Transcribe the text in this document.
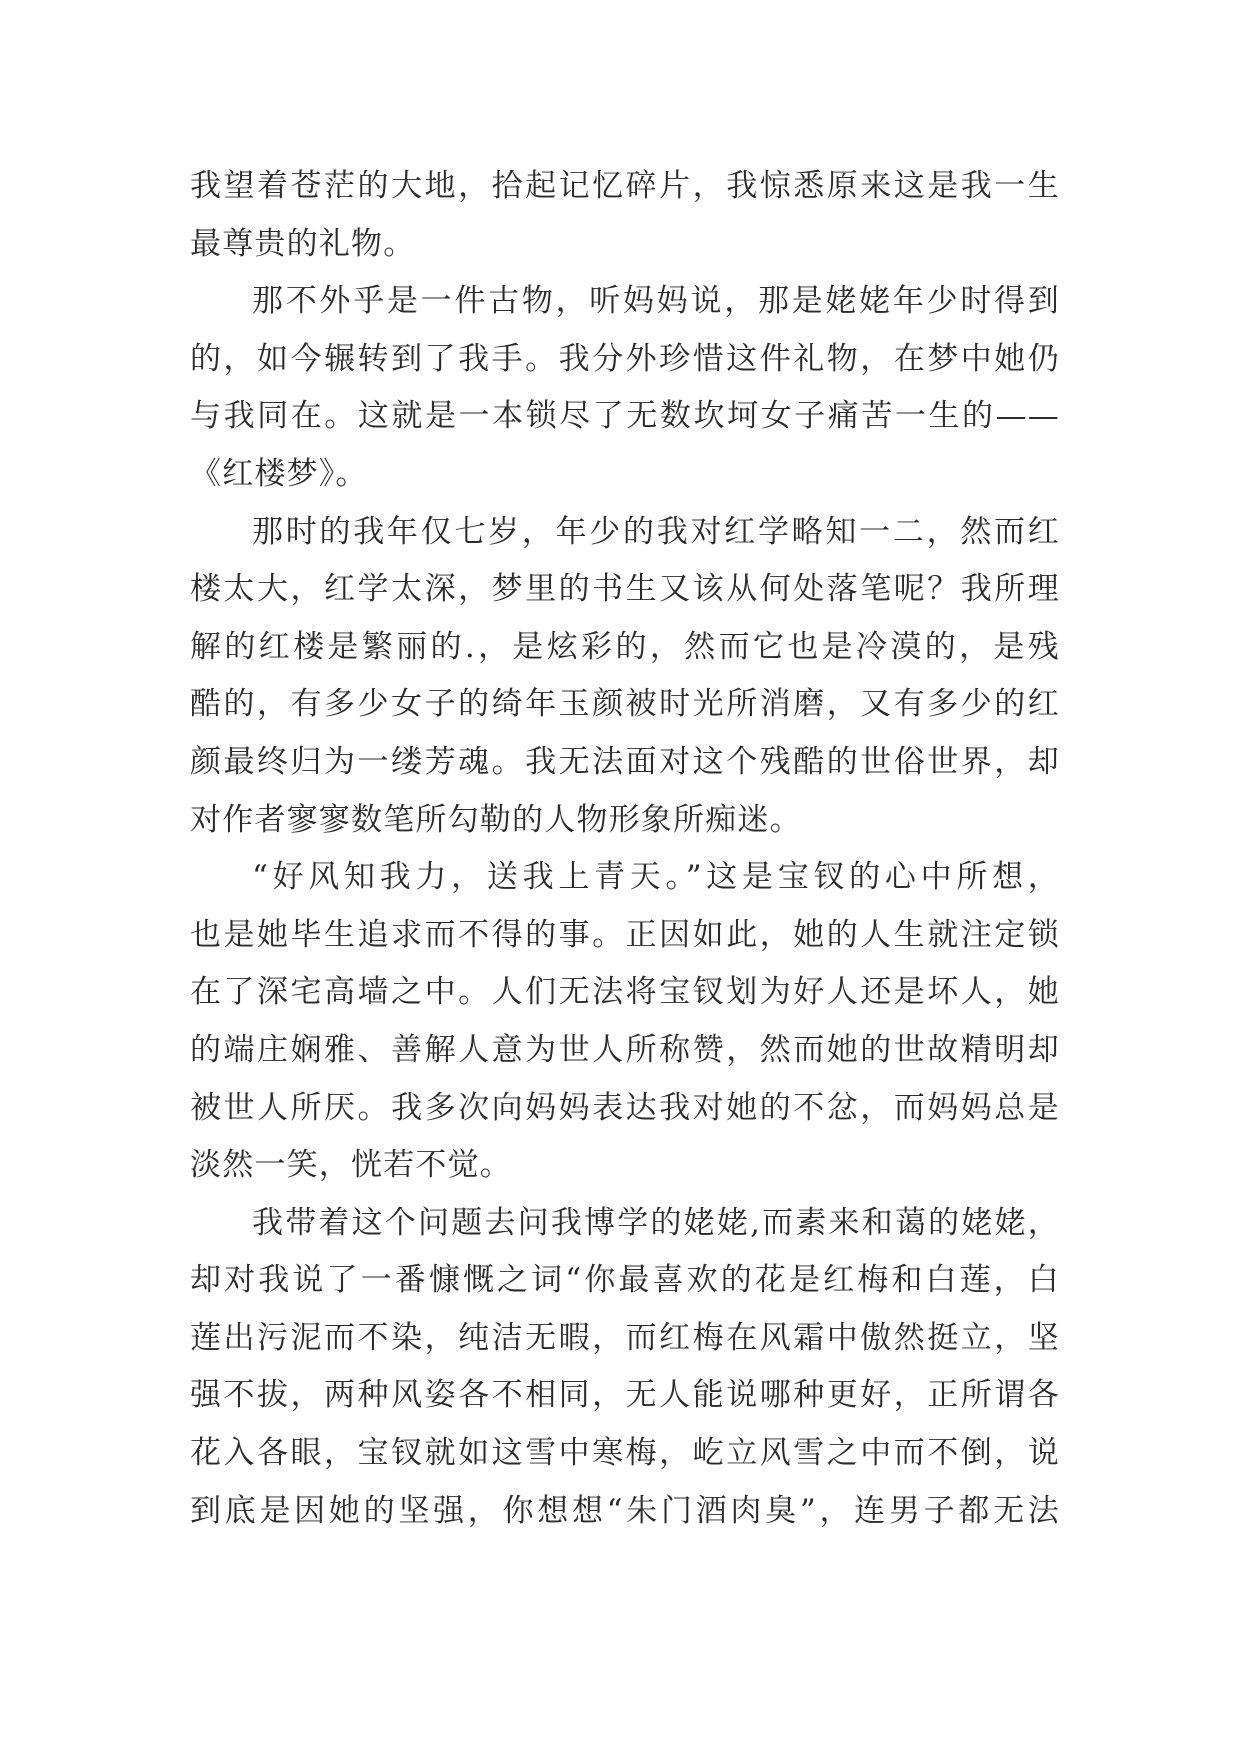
我望着苍茫的大地，拾起记忆碎片，我惊悉原来这是我一生
最尊贵的礼物。

那不外乎是一件古物，听妈妈说，那是姥姥年少时得到
的，如今辗转到了我手。我分外珍惜这件礼物，在梦中她仍
与我同在。这就是一本锁尽了无数坎坷女子痛苦一生的——
《红楼梦》。

那时的我年仅七岁，年少的我对红学略知一二，然而红
楼太大，红学太深，梦里的书生又该从何处落笔呢？我所理
解的红楼是繁丽的.，是炫彩的，然而它也是冷漠的，是残
酷的，有多少女子的绮年玉颜被时光所消磨，又有多少的红
颜最终归为一缕芳魂。我无法面对这个残酷的世俗世界，却
对作者寥寥数笔所勾勒的人物形象所痴迷。

“好风知我力，送我上青天。”这是宝钗的心中所想，
也是她毕生追求而不得的事。正因如此，她的人生就注定锁
在了深宅高墙之中。人们无法将宝钗划为好人还是坏人，她
的端庄娴雅、善解人意为世人所称赞，然而她的世故精明却
被世人所厌。我多次向妈妈表达我对她的不忿，而妈妈总是
淡然一笑，恍若不觉。

我带着这个问题去问我博学的姥姥,而素来和蔼的姥姥，
却对我说了一番慷慨之词“你最喜欢的花是红梅和白莲，白
莲出污泥而不染，纯洁无暇，而红梅在风霜中傲然挺立，坚
强不拔，两种风姿各不相同，无人能说哪种更好，正所谓各
花入各眼，宝钗就如这雪中寒梅，屹立风雪之中而不倒，说
到底是因她的坚强，你想想“朱门酒肉臭”，连男子都无法
